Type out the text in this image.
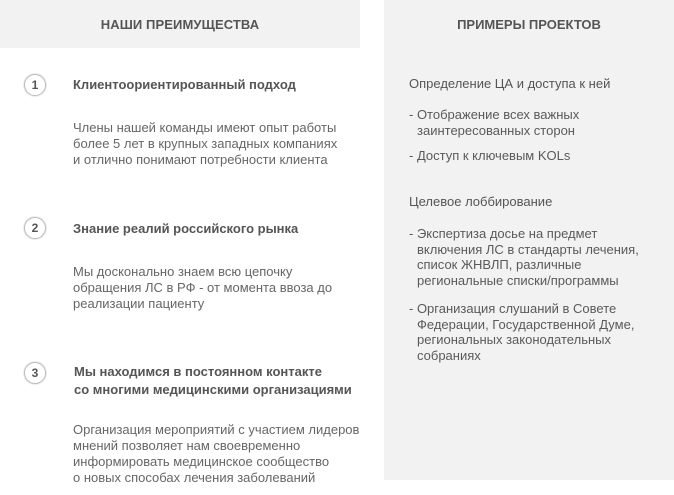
НАШИ ПРЕИМУЩЕСТВА	ПРИМЕРЫ ПРОЕКТОВ
1	Клиентоориентированный подход
Члены нашей команды имеют опыт работы
более 5 лет в крупных западных компаниях
и отлично понимают потребности клиента
2	Знание реалий российского рынка
Мы досконально знаем всю цепочку
обращения ЛС в РФ - от момента ввоза до
реализации пациенту
3	Мы находимся в постоянном контакте
со многими медицинскими организациями
Организация мероприятий с участием лидеров
мнений позволяет нам своевременно
информировать медицинское сообщество
о новых способах лечения заболеваний
Определение ЦА и доступа к ней
- Отображение всех важных
заинтересованных сторон
- Доступ к ключевым KOLs
Целевое лоббирование
- Экспертиза досье на предмет
включения ЛС в стандарты лечения,
список ЖНВЛП, различные
региональные списки/программы
- Организация слушаний в Совете
Федерации, Государственной Думе,
региональных законодательных
собраниях
